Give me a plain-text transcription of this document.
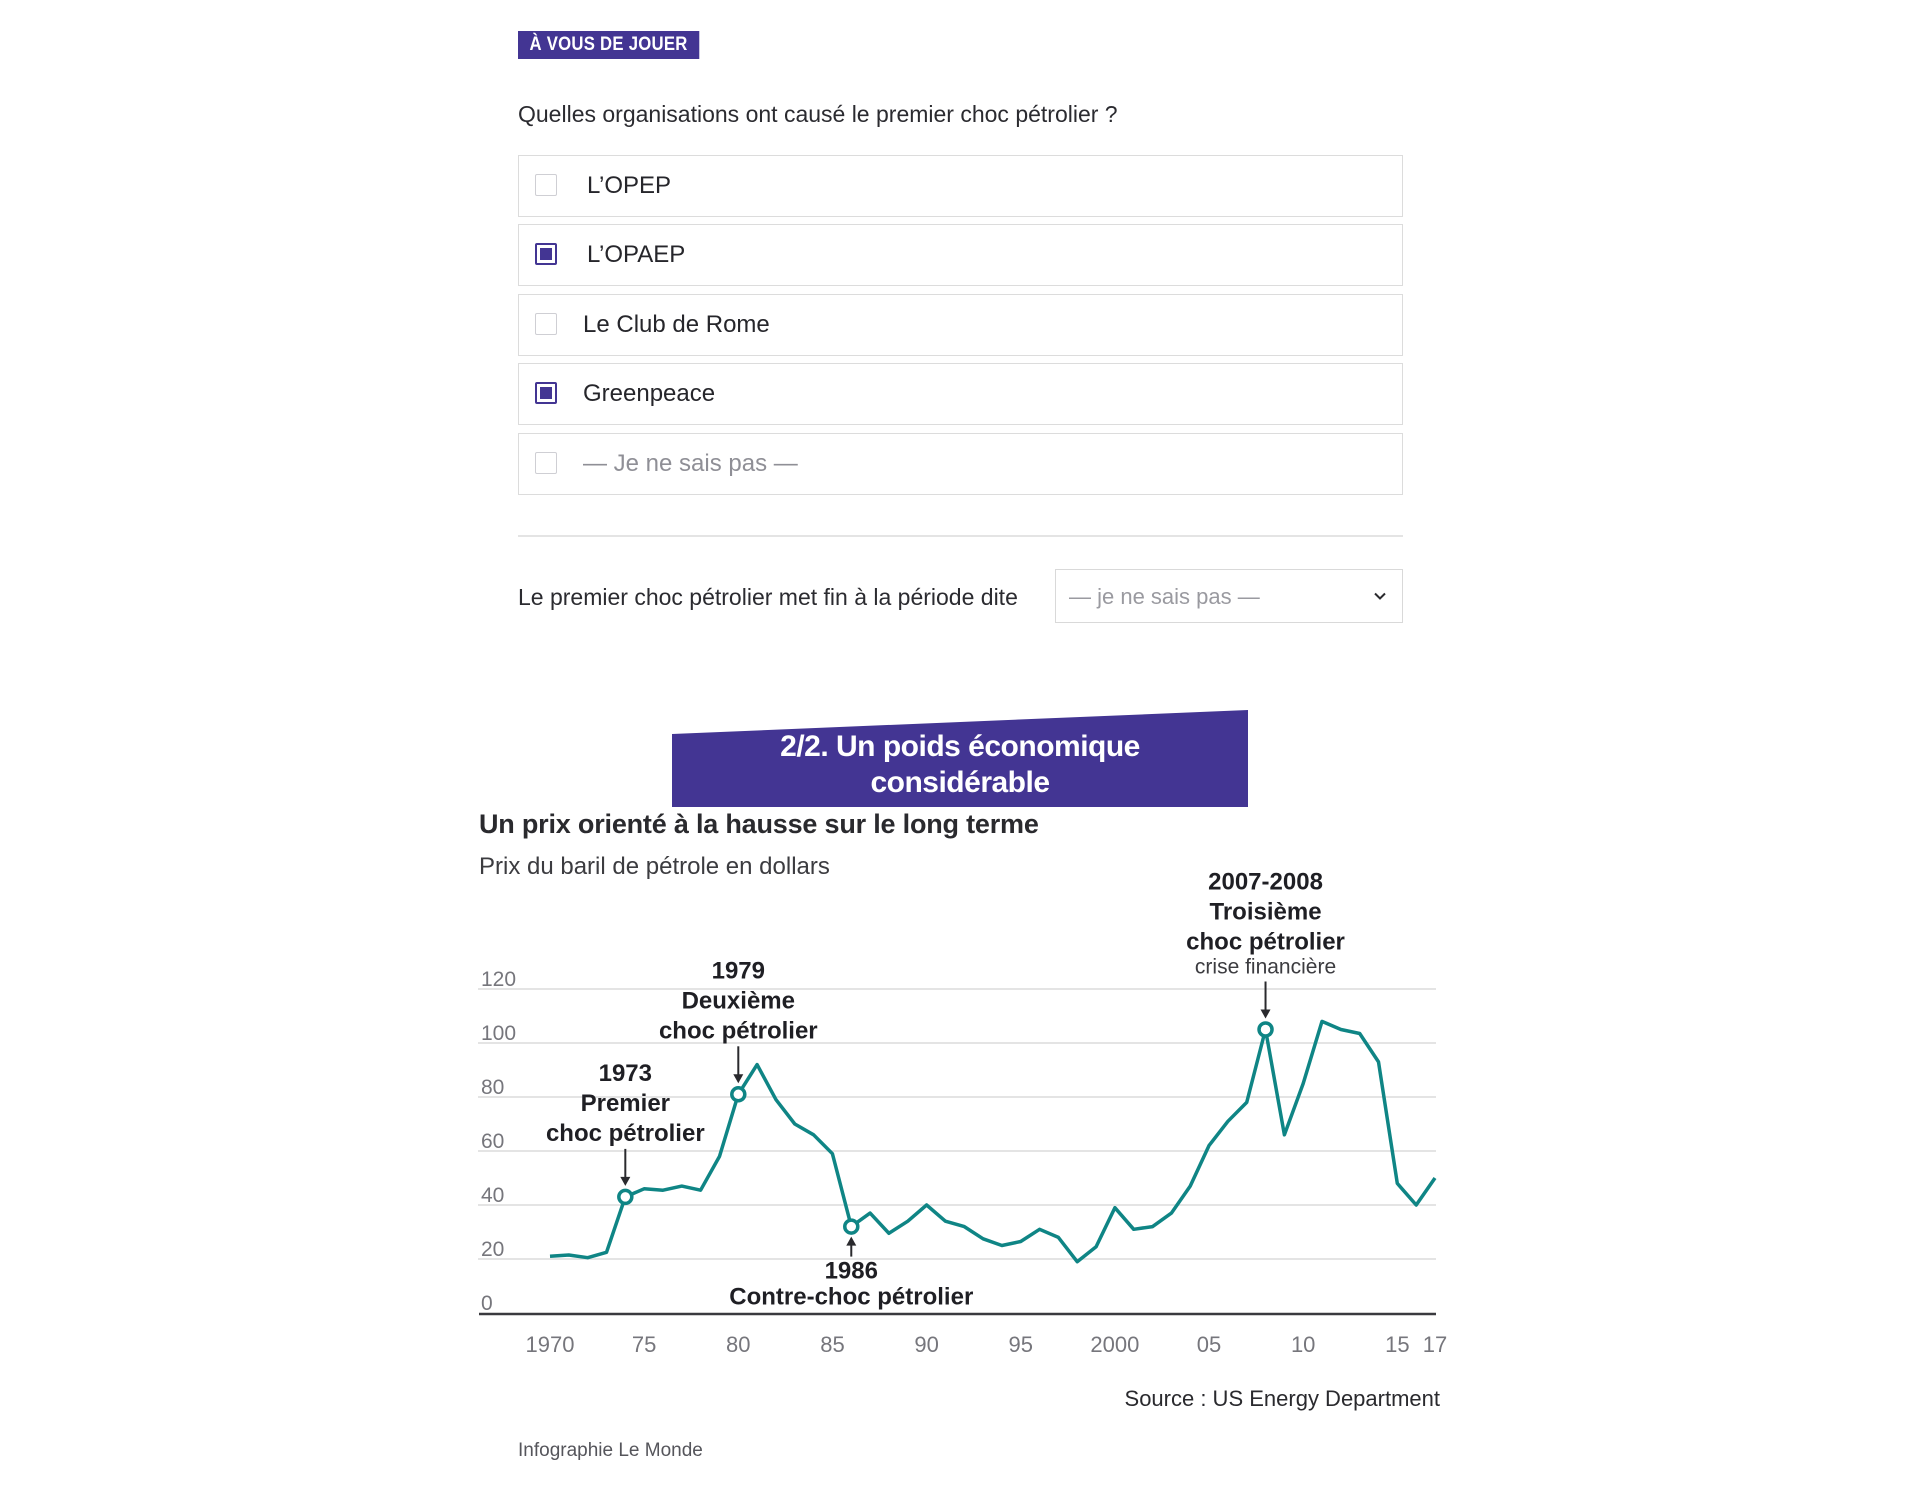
À VOUS DE JOUER
Quelles organisations ont causé le premier choc pétrolier ?
L’OPEP
L’OPAEP
Le Club de Rome
Greenpeace
— Je ne sais pas —
Le premier choc pétrolier met fin à la période dite — je ne sais pas —
2/2. Un poids économique
considérable
Un prix orienté à la hausse sur le long terme
Prix du baril de pétrole en dollars
0
20
40
60
80
100
120
1970	75	80	85	90	95	2000	05	10	15 17
1973
Premier
choc pétrolier
1979
Deuxième
choc pétrolier
1986
Contre-choc pétrolier
2007-2008
Troisième
choc pétrolier
crise financière
Source : US Energy Department
Infographie Le Monde
